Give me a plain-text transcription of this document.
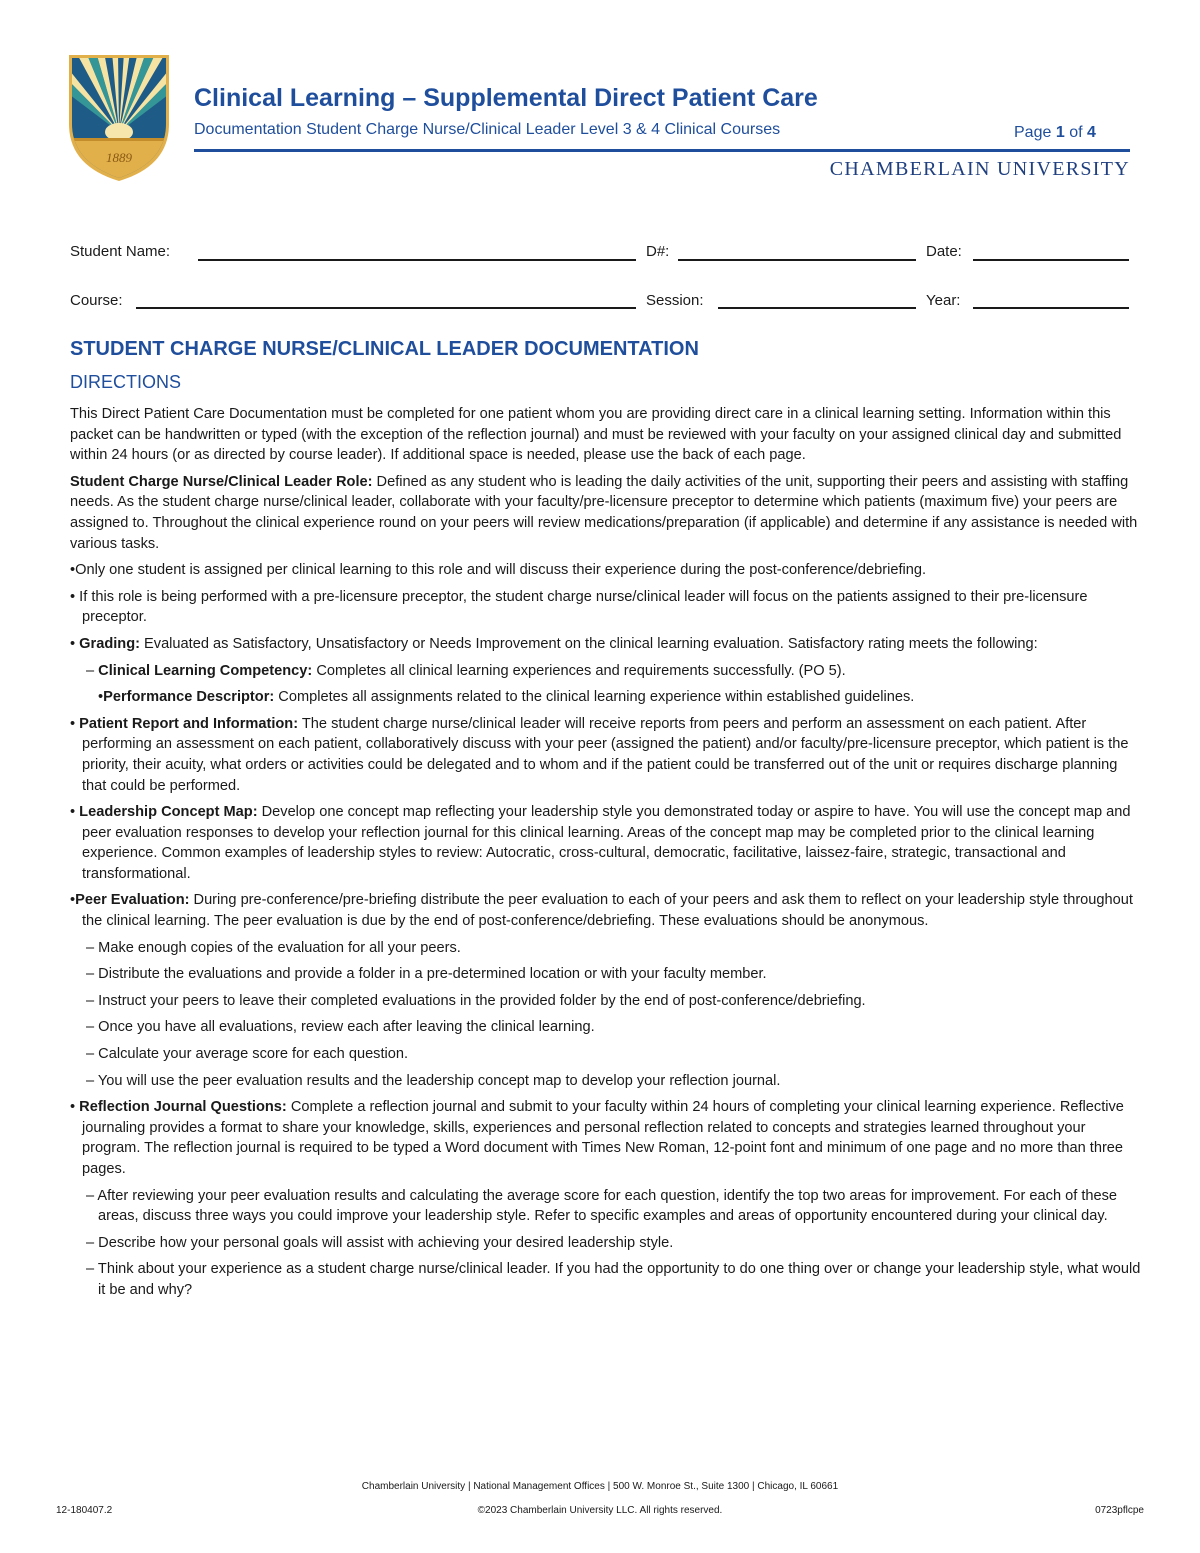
1889
Clinical Learning – Supplemental Direct Patient Care
Documentation Student Charge Nurse/Clinical Leader Level 3 & 4 Clinical Courses	Page 1 of 4
CHAMBERLAIN UNIVERSITY
Student Name:	D#:	Date:
Course:	Session:	Year:
STUDENT CHARGE NURSE/CLINICAL LEADER DOCUMENTATION
DIRECTIONS

This Direct Patient Care Documentation must be completed for one patient whom you are providing direct care in a clinical learning setting. Information within this packet can be handwritten or typed (with the exception of the reflection journal) and must be reviewed with your faculty on your assigned clinical day and submitted within 24 hours (or as directed by course leader). If additional space is needed, please use the back of each page.

Student Charge Nurse/Clinical Leader Role: Defined as any student who is leading the daily activities of the unit, supporting their peers and assisting with staffing needs. As the student charge nurse/clinical leader, collaborate with your faculty/pre-licensure preceptor to determine which patients (maximum five) your peers are assigned to. Throughout the clinical experience round on your peers will review medications/preparation (if applicable) and determine if any assistance is needed with various tasks.

•Only one student is assigned per clinical learning to this role and will discuss their experience during the post-conference/debriefing.
• If this role is being performed with a pre-licensure preceptor, the student charge nurse/clinical leader will focus on the patients assigned to their pre-licensure preceptor.
• Grading: Evaluated as Satisfactory, Unsatisfactory or Needs Improvement on the clinical learning evaluation. Satisfactory rating meets the following:
– Clinical Learning Competency: Completes all clinical learning experiences and requirements successfully. (PO 5).
•Performance Descriptor: Completes all assignments related to the clinical learning experience within established guidelines.
• Patient Report and Information: The student charge nurse/clinical leader will receive reports from peers and perform an assessment on each patient. After performing an assessment on each patient, collaboratively discuss with your peer (assigned the patient) and/or faculty/pre-licensure preceptor, which patient is the priority, their acuity, what orders or activities could be delegated and to whom and if the patient could be transferred out of the unit or requires discharge planning that could be performed.
• Leadership Concept Map: Develop one concept map reflecting your leadership style you demonstrated today or aspire to have. You will use the concept map and peer evaluation responses to develop your reflection journal for this clinical learning. Areas of the concept map may be completed prior to the clinical learning experience. Common examples of leadership styles to review: Autocratic, cross-cultural, democratic, facilitative, laissez-faire, strategic, transactional and transformational.
•Peer Evaluation: During pre-conference/pre-briefing distribute the peer evaluation to each of your peers and ask them to reflect on your leadership style throughout the clinical learning. The peer evaluation is due by the end of post-conference/debriefing. These evaluations should be anonymous.
– Make enough copies of the evaluation for all your peers.
– Distribute the evaluations and provide a folder in a pre-determined location or with your faculty member.
– Instruct your peers to leave their completed evaluations in the provided folder by the end of post-conference/debriefing.
– Once you have all evaluations, review each after leaving the clinical learning.
– Calculate your average score for each question.
– You will use the peer evaluation results and the leadership concept map to develop your reflection journal.
• Reflection Journal Questions: Complete a reflection journal and submit to your faculty within 24 hours of completing your clinical learning experience. Reflective journaling provides a format to share your knowledge, skills, experiences and personal reflection related to concepts and strategies learned throughout your program. The reflection journal is required to be typed a Word document with Times New Roman, 12-point font and minimum of one page and no more than three pages.
– After reviewing your peer evaluation results and calculating the average score for each question, identify the top two areas for improvement. For each of these areas, discuss three ways you could improve your leadership style. Refer to specific examples and areas of opportunity encountered during your clinical day.
– Describe how your personal goals will assist with achieving your desired leadership style.
– Think about your experience as a student charge nurse/clinical leader. If you had the opportunity to do one thing over or change your leadership style, what would it be and why?
Chamberlain University | National Management Offices | 500 W. Monroe St., Suite 1300 | Chicago, IL 60661
12-180407.2	©2023 Chamberlain University LLC. All rights reserved.	0723pflcpe
